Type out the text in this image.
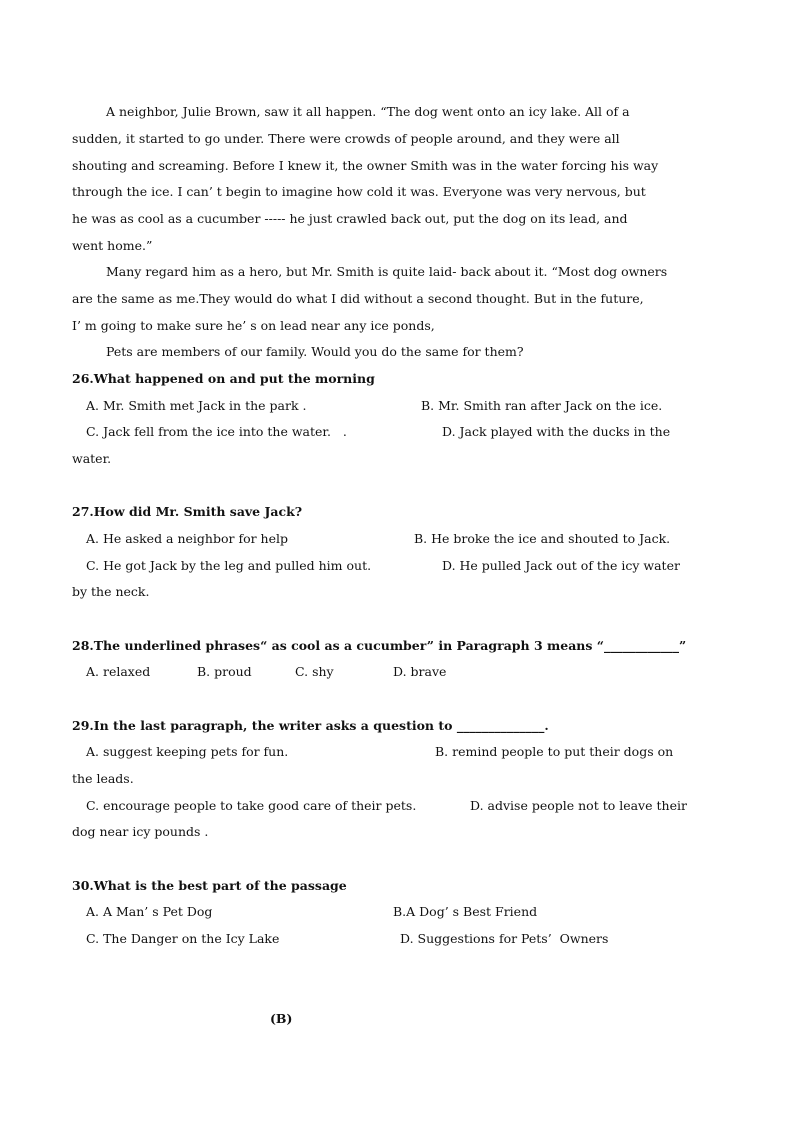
A neighbor, Julie Brown, saw it all happen. “The dog went onto an icy lake. All of a
sudden, it started to go under. There were crowds of people around, and they were all
shouting and screaming. Before I knew it, the owner Smith was in the water forcing his way
through the ice. I can’ t begin to imagine how cold it was. Everyone was very nervous, but
he was as cool as a cucumber ----- he just crawled back out, put the dog on its lead, and
went home.”
Many regard him as a hero, but Mr. Smith is quite laid- back about it. “Most dog owners
are the same as me.They would do what I did without a second thought. But in the future,
I’ m going to make sure he’ s on lead near any ice ponds,
Pets are members of our family. Would you do the same for them?
26.What happened on and put the morning

A. Mr. Smith met Jack in the park .

	B. Mr. Smith ran after Jack on the ice.

C. Jack fell from the ice into the water.   .

	D. Jack played with the ducks in the

water.
27.How did Mr. Smith save Jack?

A. He asked a neighbor for help

	B. He broke the ice and shouted to Jack.

C. He got Jack by the leg and pulled him out.

	D. He pulled Jack out of the icy water

by the neck.
28.The underlined phrases“ as cool as a cucumber” in Paragraph 3 means “____________”

A. relaxed

	B. proud

	C. shy

	D. brave

29.In the last paragraph, the writer asks a question to ______________.

A. suggest keeping pets for fun.

	B. remind people to put their dogs on

the leads.

C. encourage people to take good care of their pets.

	D. advise people not to leave their

dog near icy pounds .
30.What is the best part of the passage

A. A Man’ s Pet Dog

	B.A Dog’ s Best Friend

C. The Danger on the Icy Lake

	D. Suggestions for Pets’  Owners

(B)
